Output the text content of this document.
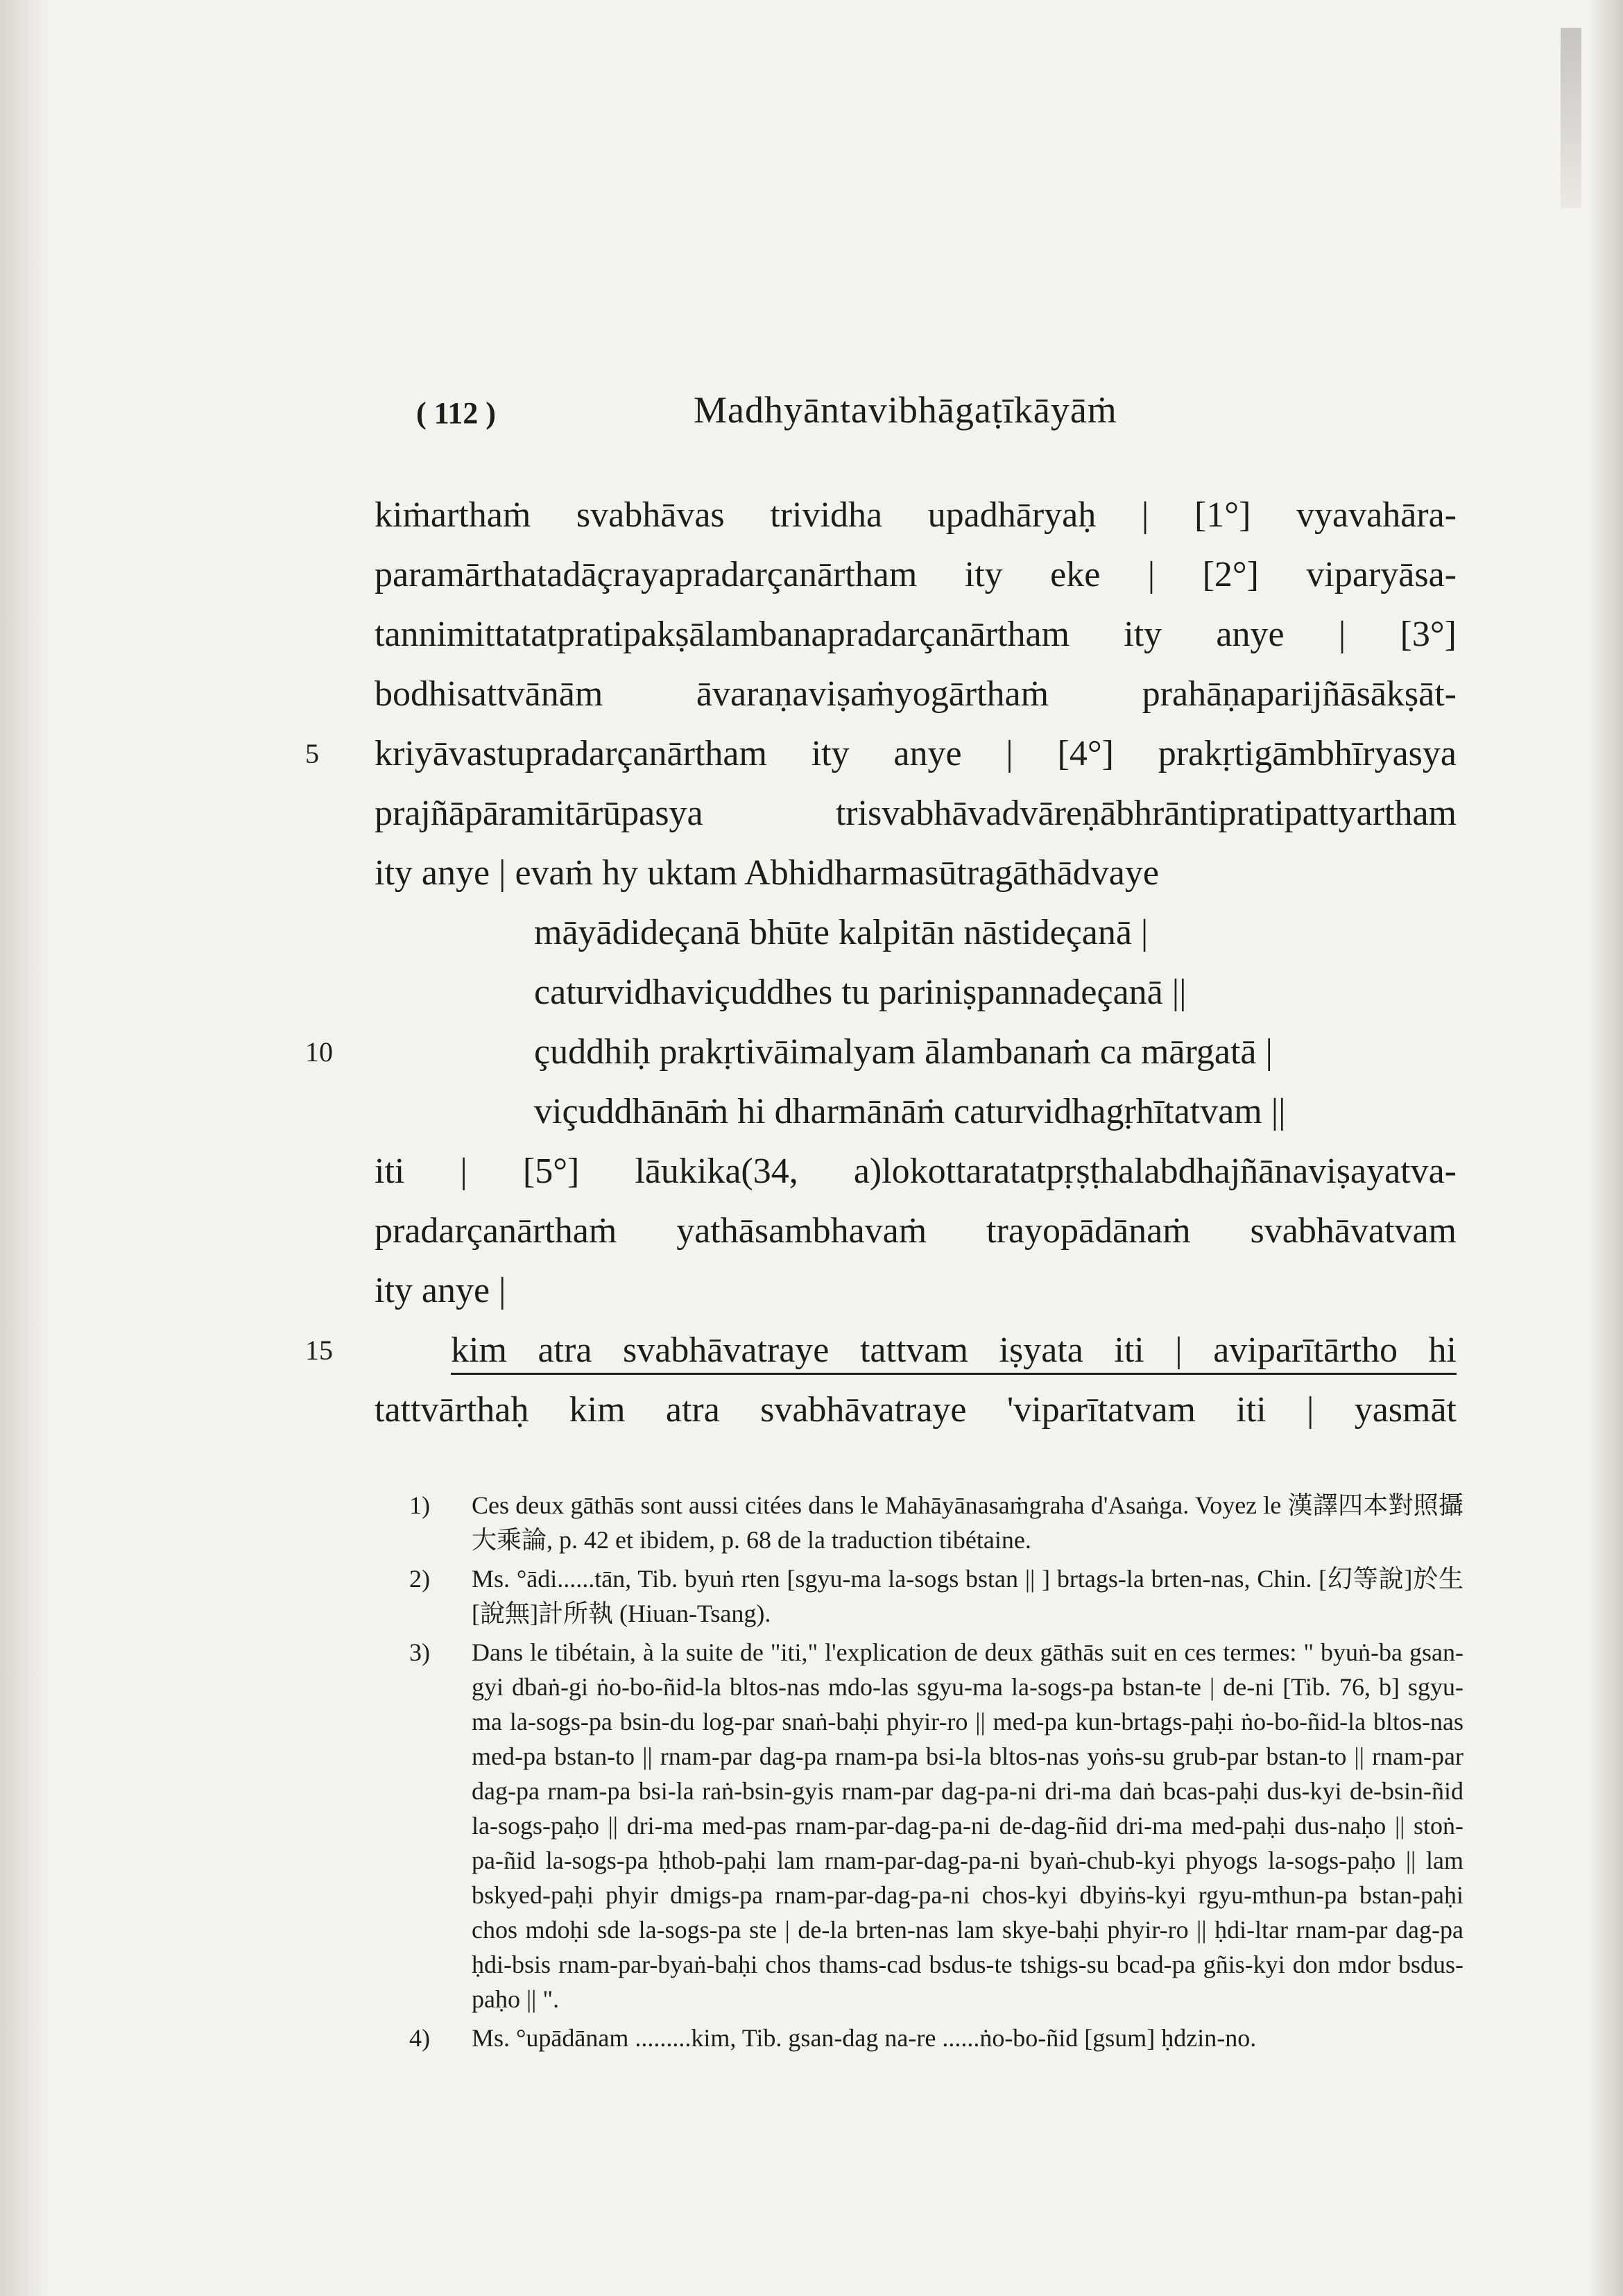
( 112 )	Madhyāntavibhāgaṭīkāyāṁ
kiṁarthaṁ svabhāvas trividha upadhāryaḥ | [1°] vyavahāra-
paramārthatadāçrayapradarçanārtham ity eke | [2°] viparyāsa-
tannimittatatpratipakṣālambanapradarçanārtham ity anye | [3°]
bodhisattvānām āvaraṇaviṣaṁyogārthaṁ prahāṇaparijñāsākṣāt-
5	kriyāvastupradarçanārtham ity anye | [4°] prakṛtigāmbhīryasya
prajñāpāramitārūpasya trisvabhāvadvāreṇābhrāntipratipattyartham
ity anye | evaṁ hy uktam Abhidharmasūtragāthādvaye
māyādideçanā bhūte kalpitān nāstideçanā |
caturvidhaviçuddhes tu pariniṣpannadeçanā ||
10	çuddhiḥ prakṛtivāimalyam ālambanaṁ ca mārgatā |
viçuddhānāṁ hi dharmānāṁ caturvidhagṛhītatvam ||
iti | [5°] lāukika(34, a)lokottaratatpṛṣṭhalabdhajñānaviṣayatva-
pradarçanārthaṁ yathāsambhavaṁ trayopādānaṁ svabhāvatvam
ity anye |
15	kim atra svabhāvatraye tattvam iṣyata iti | aviparītārtho hi
tattvārthaḥ kim atra svabhāvatraye 'viparītatvam iti | yasmāt
1) Ces deux gāthās sont aussi citées dans le Mahāyānasaṁgraha d'Asaṅga. Voyez le 漢譯四本對照攝大乘論, p. 42 et ibidem, p. 68 de la traduction tibétaine.
2) Ms. °ādi......tān, Tib. byuṅ rten [sgyu-ma la-sogs bstan || ] brtags-la brten-nas, Chin. [幻等說]於生 [說無]計所執 (Hiuan-Tsang).
3) Dans le tibétain, à la suite de "iti," l'explication de deux gāthās suit en ces termes: " byuṅ-ba gsan-gyi dbaṅ-gi ṅo-bo-ñid-la bltos-nas mdo-las sgyu-ma la-sogs-pa bstan-te | de-ni [Tib. 76, b] sgyu-ma la-sogs-pa bsin-du log-par snaṅ-baḥi phyir-ro || med-pa kun-brtags-paḥi ṅo-bo-ñid-la bltos-nas med-pa bstan-to || rnam-par dag-pa rnam-pa bsi-la bltos-nas yoṅs-su grub-par bstan-to || rnam-par dag-pa rnam-pa bsi-la raṅ-bsin-gyis rnam-par dag-pa-ni dri-ma daṅ bcas-paḥi dus-kyi de-bsin-ñid la-sogs-paḥo || dri-ma med-pas rnam-par-dag-pa-ni de-dag-ñid dri-ma med-paḥi dus-naḥo || stoṅ-pa-ñid la-sogs-pa ḥthob-paḥi lam rnam-par-dag-pa-ni byaṅ-chub-kyi phyogs la-sogs-paḥo || lam bskyed-paḥi phyir dmigs-pa rnam-par-dag-pa-ni chos-kyi dbyiṅs-kyi rgyu-mthun-pa bstan-paḥi chos mdoḥi sde la-sogs-pa ste | de-la brten-nas lam skye-baḥi phyir-ro || ḥdi-ltar rnam-par dag-pa ḥdi-bsis rnam-par-byaṅ-baḥi chos thams-cad bsdus-te tshigs-su bcad-pa gñis-kyi don mdor bsdus-paḥo || ".
4) Ms. °upādānam .........kim, Tib. gsan-dag na-re ......ṅo-bo-ñid [gsum] ḥdzin-no.
